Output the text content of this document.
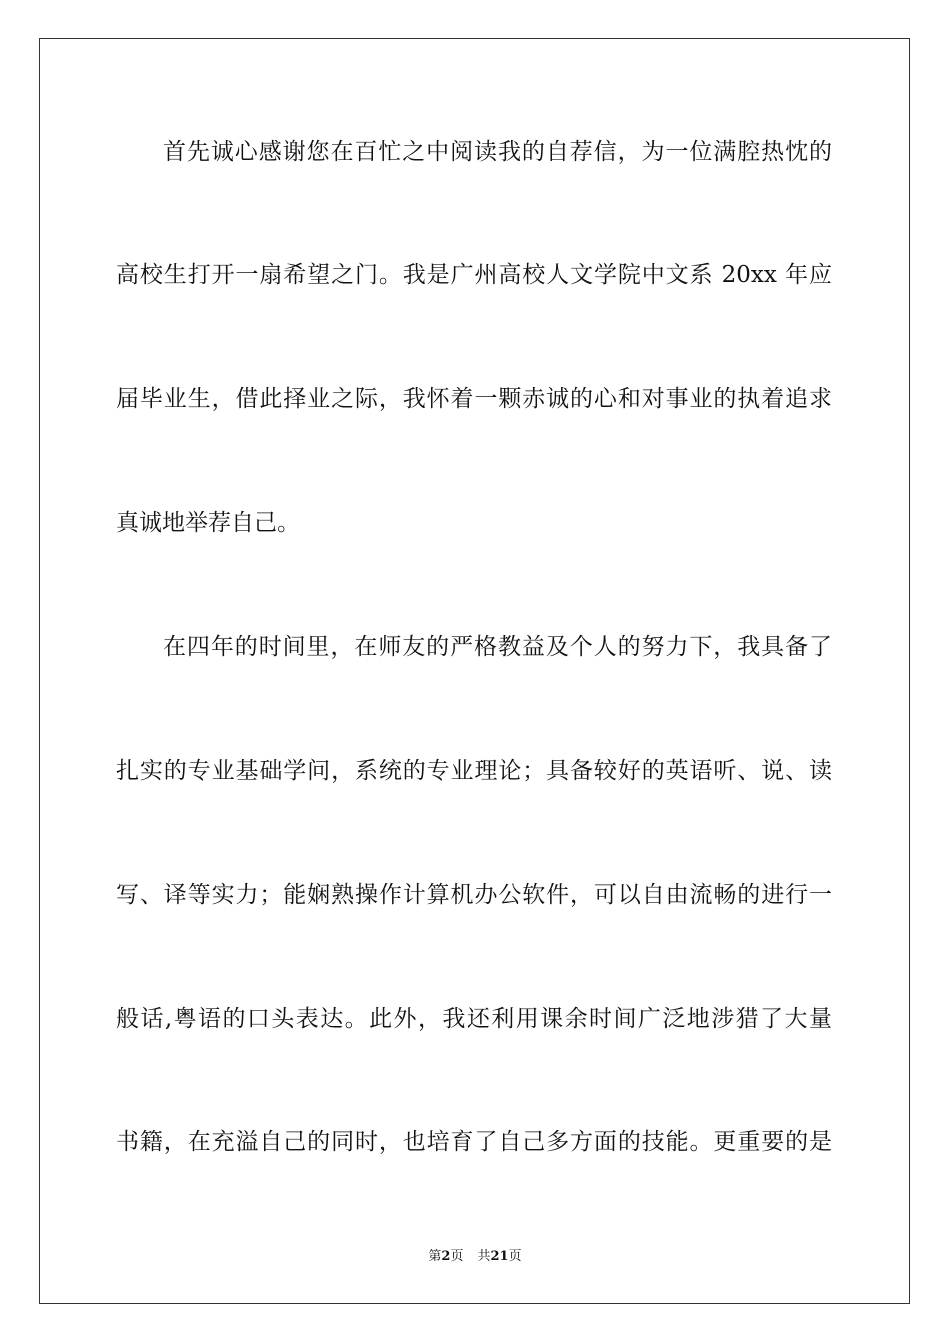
首先诚心感谢您在百忙之中阅读我的自荐信，为一位满腔热忱的
高校生打开一扇希望之门。我是广州高校人文学院中文系 20xx 年应
届毕业生，借此择业之际，我怀着一颗赤诚的心和对事业的执着追求
真诚地举荐自己。
在四年的时间里，在师友的严格教益及个人的努力下，我具备了
扎实的专业基础学问，系统的专业理论；具备较好的英语听、说、读
写、译等实力；能娴熟操作计算机办公软件，可以自由流畅的进行一
般话,粤语的口头表达。此外，我还利用课余时间广泛地涉猎了大量
书籍，在充溢自己的同时，也培育了自己多方面的技能。更重要的是
第2页 共21页
